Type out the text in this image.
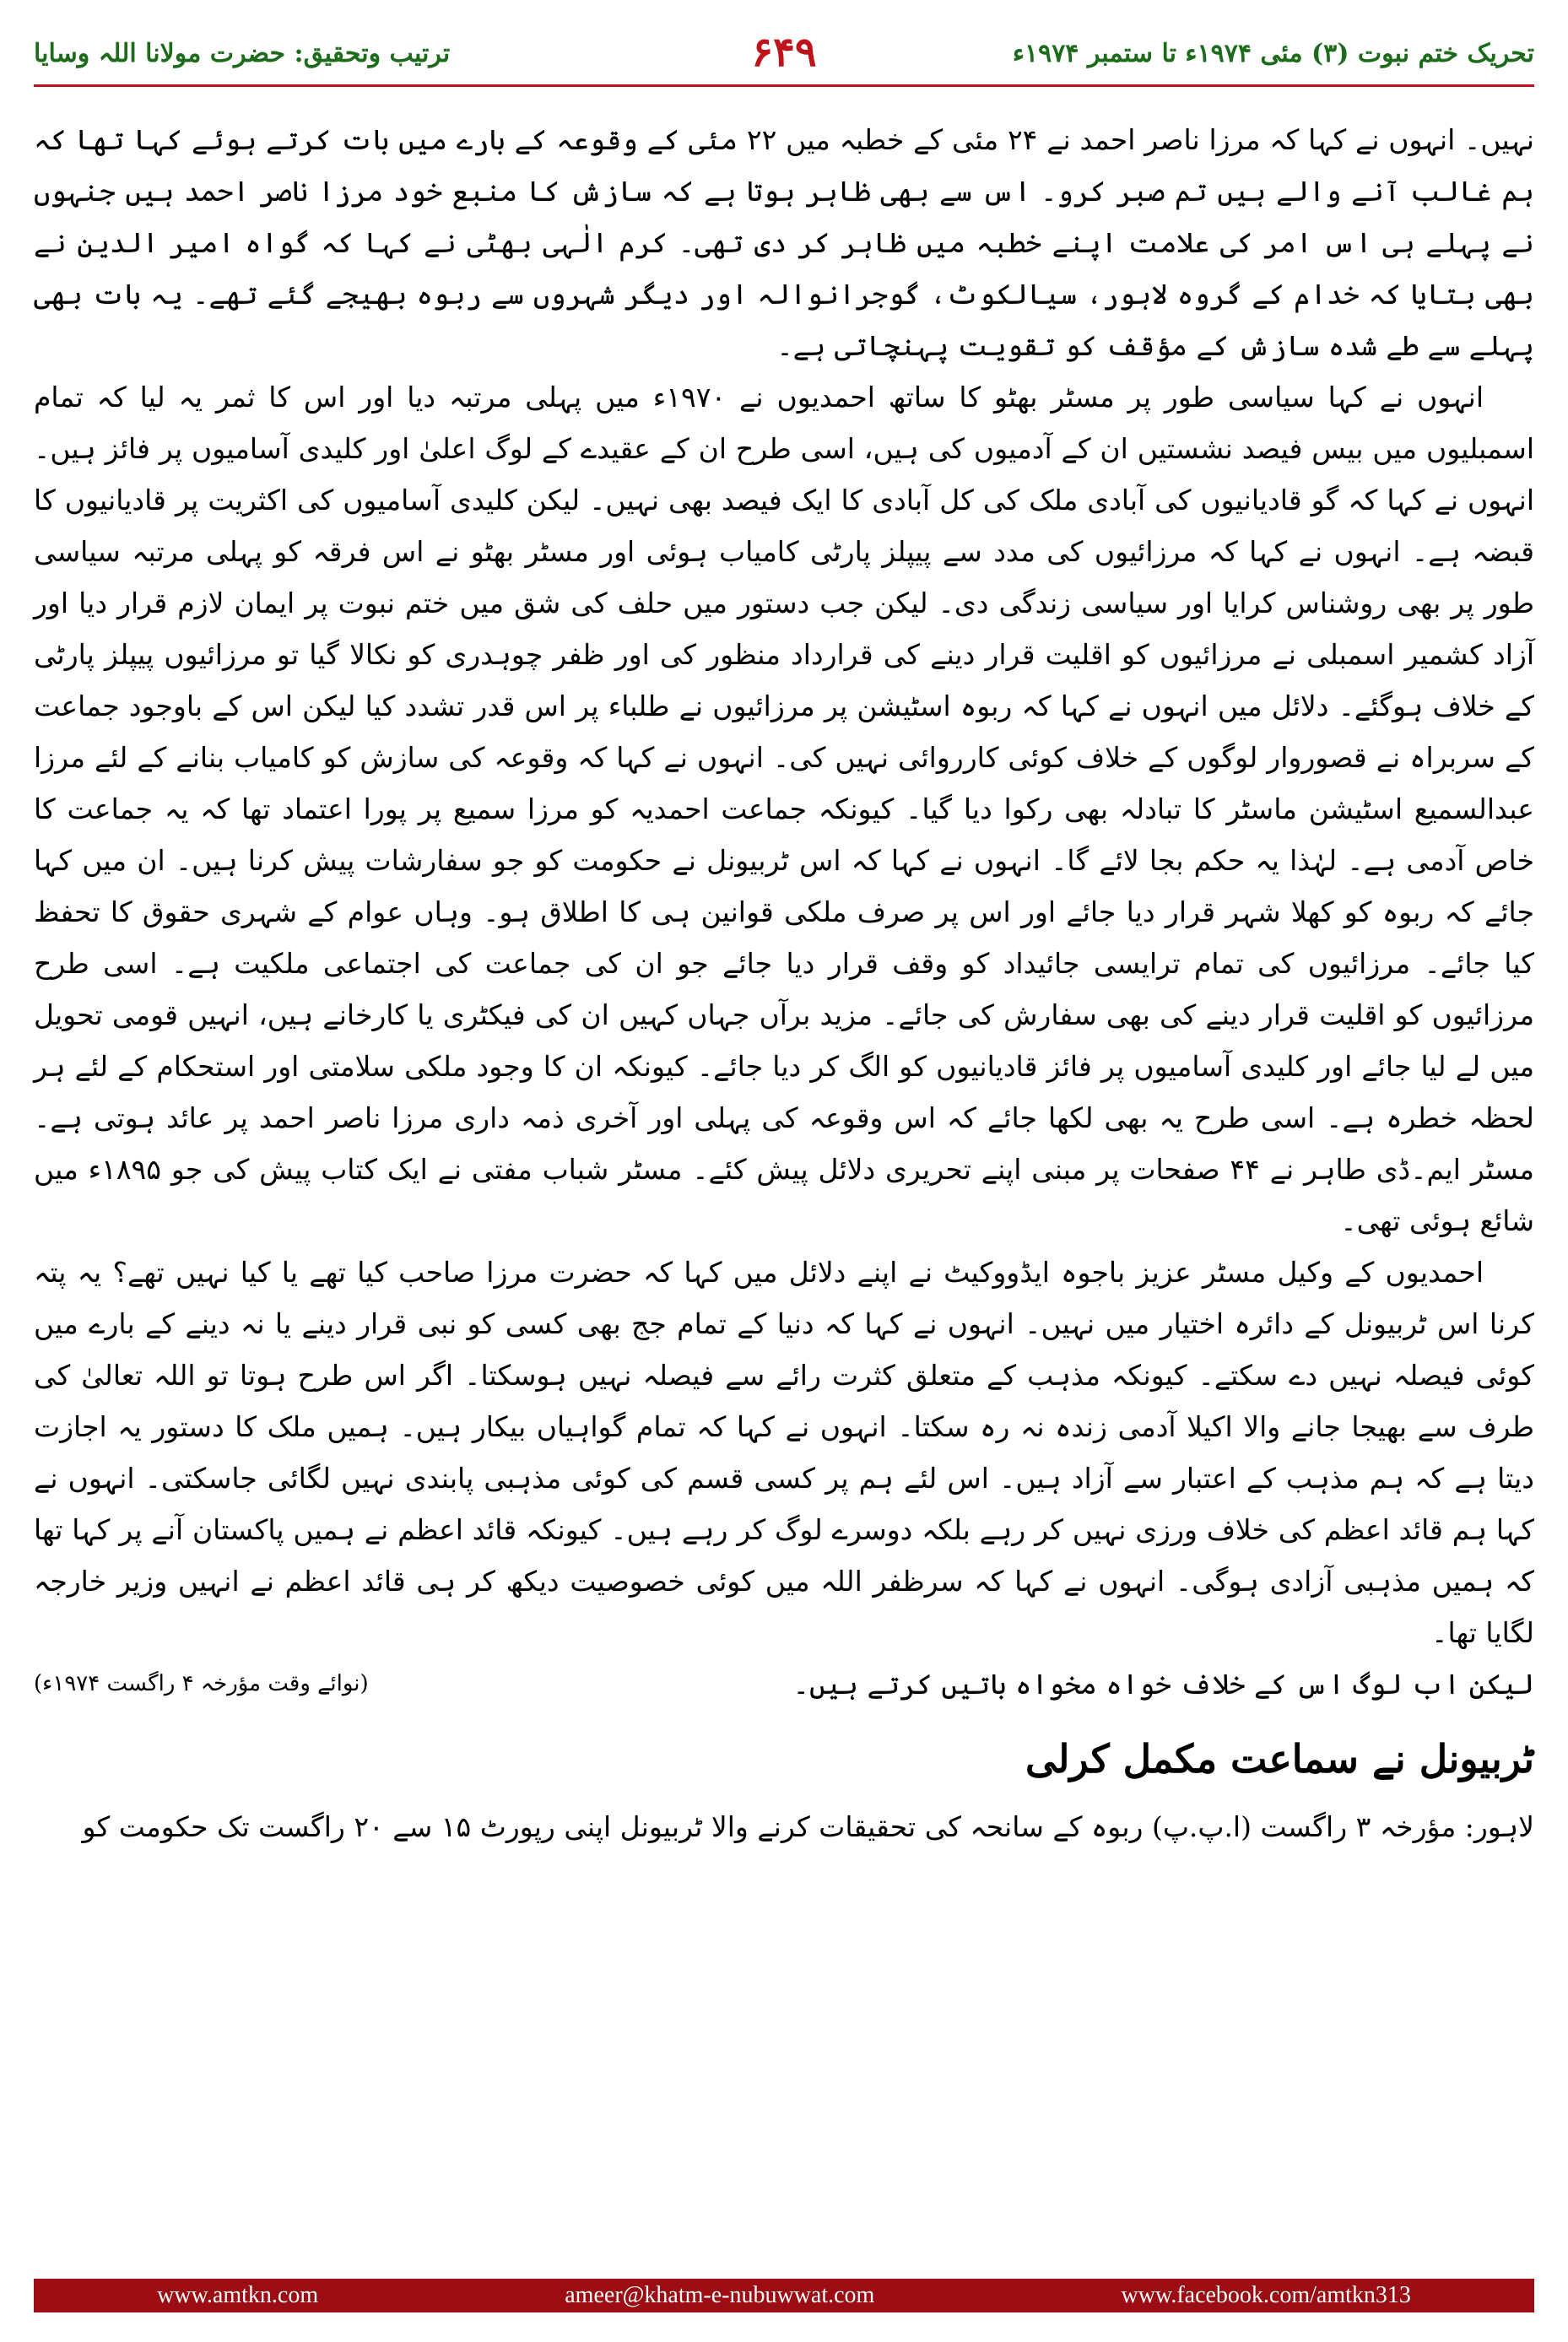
ترتیب وتحقیق: حضرت مولانا اللہ وسایا	۶۴۹	تحریک ختم نبوت (۳) مئی ۱۹۷۴ء تا ستمبر ۱۹۷۴ء

نہیں۔ انہوں نے کہا کہ مرزا ناصر احمد نے ۲۴ مئی کے خطبہ میں ۲۲ مئی کے وقوعہ کے بارے میں بات کرتے ہوئے کہا تھا کہ ہم غالب آنے والے ہیں تم صبر کرو۔ اس سے بھی ظاہر ہوتا ہے کہ سازش کا منبع خود مرزا ناصر احمد ہیں جنہوں نے پہلے ہی اس امر کی علامت اپنے خطبہ میں ظاہر کر دی تھی۔ کرم الٰہی بھٹی نے کہا کہ گواہ امیر الدین نے بھی بتایا کہ خدام کے گروہ لاہور، سیالکوٹ، گوجرانوالہ اور دیگر شہروں سے ربوہ بھیجے گئے تھے۔ یہ بات بھی پہلے سے طے شدہ سازش کے مؤقف کو تقویت پہنچاتی ہے۔

انہوں نے کہا سیاسی طور پر مسٹر بھٹو کا ساتھ احمدیوں نے ۱۹۷۰ء میں پہلی مرتبہ دیا اور اس کا ثمر یہ لیا کہ تمام اسمبلیوں میں بیس فیصد نشستیں ان کے آدمیوں کی ہیں، اسی طرح ان کے عقیدے کے لوگ اعلیٰ اور کلیدی آسامیوں پر فائز ہیں۔ انہوں نے کہا کہ گو قادیانیوں کی آبادی ملک کی کل آبادی کا ایک فیصد بھی نہیں۔ لیکن کلیدی آسامیوں کی اکثریت پر قادیانیوں کا قبضہ ہے۔ انہوں نے کہا کہ مرزائیوں کی مدد سے پیپلز پارٹی کامیاب ہوئی اور مسٹر بھٹو نے اس فرقہ کو پہلی مرتبہ سیاسی طور پر بھی روشناس کرایا اور سیاسی زندگی دی۔ لیکن جب دستور میں حلف کی شق میں ختم نبوت پر ایمان لازم قرار دیا اور آزاد کشمیر اسمبلی نے مرزائیوں کو اقلیت قرار دینے کی قرارداد منظور کی اور ظفر چوہدری کو نکالا گیا تو مرزائیوں پیپلز پارٹی کے خلاف ہوگئے۔ دلائل میں انہوں نے کہا کہ ربوہ اسٹیشن پر مرزائیوں نے طلباء پر اس قدر تشدد کیا لیکن اس کے باوجود جماعت کے سربراہ نے قصوروار لوگوں کے خلاف کوئی کارروائی نہیں کی۔ انہوں نے کہا کہ وقوعہ کی سازش کو کامیاب بنانے کے لئے مرزا عبدالسمیع اسٹیشن ماسٹر کا تبادلہ بھی رکوا دیا گیا۔ کیونکہ جماعت احمدیہ کو مرزا سمیع پر پورا اعتماد تھا کہ یہ جماعت کا خاص آدمی ہے۔ لہٰذا یہ حکم بجا لائے گا۔ انہوں نے کہا کہ اس ٹربیونل نے حکومت کو جو سفارشات پیش کرنا ہیں۔ ان میں کہا جائے کہ ربوہ کو کھلا شہر قرار دیا جائے اور اس پر صرف ملکی قوانین ہی کا اطلاق ہو۔ وہاں عوام کے شہری حقوق کا تحفظ کیا جائے۔ مرزائیوں کی تمام ترایسی جائیداد کو وقف قرار دیا جائے جو ان کی جماعت کی اجتماعی ملکیت ہے۔ اسی طرح مرزائیوں کو اقلیت قرار دینے کی بھی سفارش کی جائے۔ مزید برآں جہاں کہیں ان کی فیکٹری یا کارخانے ہیں، انہیں قومی تحویل میں لے لیا جائے اور کلیدی آسامیوں پر فائز قادیانیوں کو الگ کر دیا جائے۔ کیونکہ ان کا وجود ملکی سلامتی اور استحکام کے لئے ہر لحظہ خطرہ ہے۔ اسی طرح یہ بھی لکھا جائے کہ اس وقوعہ کی پہلی اور آخری ذمہ داری مرزا ناصر احمد پر عائد ہوتی ہے۔ مسٹر ایم۔ڈی طاہر نے ۴۴ صفحات پر مبنی اپنے تحریری دلائل پیش کئے۔ مسٹر شباب مفتی نے ایک کتاب پیش کی جو ۱۸۹۵ء میں شائع ہوئی تھی۔

احمدیوں کے وکیل مسٹر عزیز باجوہ ایڈووکیٹ نے اپنے دلائل میں کہا کہ حضرت مرزا صاحب کیا تھے یا کیا نہیں تھے؟ یہ پتہ کرنا اس ٹربیونل کے دائرہ اختیار میں نہیں۔ انہوں نے کہا کہ دنیا کے تمام جج بھی کسی کو نبی قرار دینے یا نہ دینے کے بارے میں کوئی فیصلہ نہیں دے سکتے۔ کیونکہ مذہب کے متعلق کثرت رائے سے فیصلہ نہیں ہوسکتا۔ اگر اس طرح ہوتا تو اللہ تعالیٰ کی طرف سے بھیجا جانے والا اکیلا آدمی زندہ نہ رہ سکتا۔ انہوں نے کہا کہ تمام گواہیاں بیکار ہیں۔ ہمیں ملک کا دستور یہ اجازت دیتا ہے کہ ہم مذہب کے اعتبار سے آزاد ہیں۔ اس لئے ہم پر کسی قسم کی کوئی مذہبی پابندی نہیں لگائی جاسکتی۔ انہوں نے کہا ہم قائد اعظم کی خلاف ورزی نہیں کر رہے بلکہ دوسرے لوگ کر رہے ہیں۔ کیونکہ قائد اعظم نے ہمیں پاکستان آنے پر کہا تھا کہ ہمیں مذہبی آزادی ہوگی۔ انہوں نے کہا کہ سرظفر اللہ میں کوئی خصوصیت دیکھ کر ہی قائد اعظم نے انہیں وزیر خارجہ لگایا تھا۔

لیکن اب لوگ اس کے خلاف خواہ مخواہ باتیں کرتے ہیں۔
(نوائے وقت مؤرخہ ۴ راگست ۱۹۷۴ء)
ٹربیونل نے سماعت مکمل کرلی

لاہور: مؤرخہ ۳ راگست (ا.پ.پ) ربوہ کے سانحہ کی تحقیقات کرنے والا ٹربیونل اپنی رپورٹ ۱۵ سے ۲۰ راگست تک حکومت کو

www.amtkn.com	ameer@khatm-e-nubuwwat.com	www.facebook.com/amtkn313
